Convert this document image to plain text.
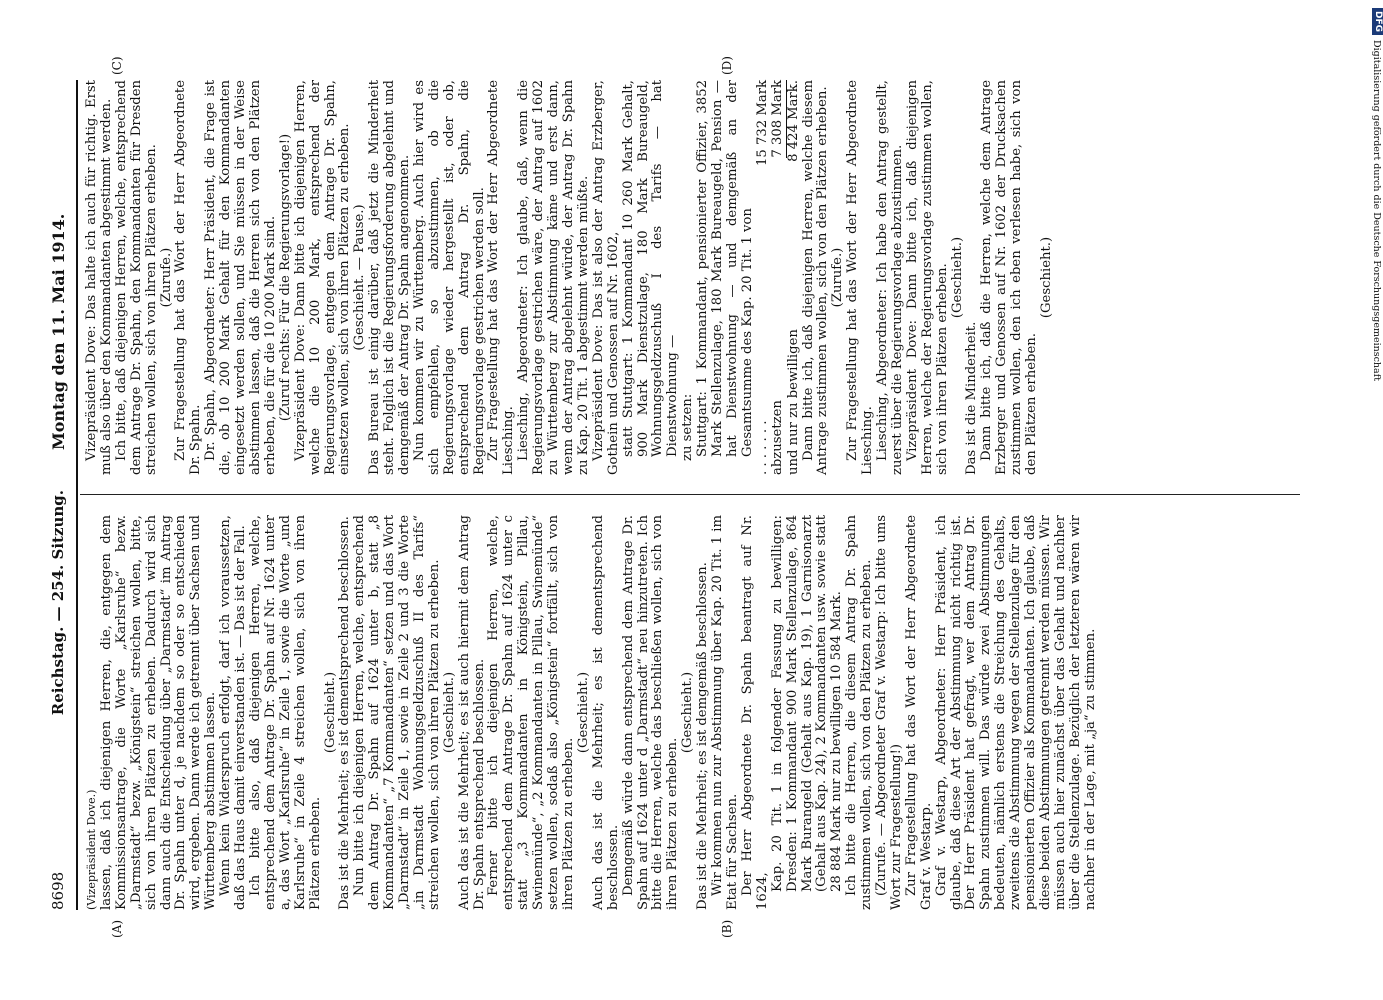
8698
Reichstag. — 254. Sitzung.
Montag den 11. Mai 1914.
(A)	(B)
(C)	(D)

(Vizepräsident Dove.) lassen, daß ich diejenigen Herren, die, entgegen dem Kommissionsantrage, die Worte „Karlsruhe“ bezw. „Darmstadt“ bezw. „Königstein“ streichen wollen, bitte, sich von ihren Plätzen zu erheben. Dadurch wird sich dann auch die Entscheidung über „Darmstadt“ im Antrag Dr. Spahn unter d, je nachdem so oder so entschieden wird, ergeben. Dann werde ich getrennt über Sachsen und Württemberg abstimmen lassen. Wenn kein Widerspruch erfolgt, darf ich voraussetzen, daß das Haus damit einverstanden ist. — Das ist der Fall. Ich bitte also, daß diejenigen Herren, welche, entsprechend dem Antrage Dr. Spahn auf Nr. 1624 unter a, das Wort „Karlsruhe“ in Zeile 1, sowie die Worte „und Karlsruhe“ in Zeile 4 streichen wollen, sich von ihren Plätzen erheben.

(Geschieht.) Das ist die Mehrheit; es ist dementsprechend beschlossen. Nun bitte ich diejenigen Herren, welche, entsprechend dem Antrag Dr. Spahn auf 1624 unter b, statt „8 Kommandanten“ „7 Kommandanten“ setzen und das Wort „Darmstadt“ in Zeile 1, sowie in Zeile 2 und 3 die Worte „in Darmstadt Wohnungsgeldzuschuß II des Tarifs“ streichen wollen, sich von ihren Plätzen zu erheben. (Geschieht.) Auch das ist die Mehrheit; es ist auch hiermit dem Antrag Dr. Spahn entsprechend beschlossen. Ferner bitte ich diejenigen Herren, welche, entsprechend dem Antrage Dr. Spahn auf 1624 unter c statt „3 Kommandanten in Königstein, Pillau, Swinemünde“, „2 Kommandanten in Pillau, Swinemünde“ setzen wollen, sodaß also „Königstein“ fortfällt, sich von ihren Plätzen zu erheben.

(Geschieht.) Auch das ist die Mehrheit; es ist dementsprechend beschlossen. Demgemäß würde dann entsprechend dem Antrage Dr. Spahn auf 1624 unter d „Darmstadt“ neu hinzutreten. Ich bitte die Herren, welche das beschließen wollen, sich von ihren Plätzen zu erheben.

(Geschieht.) Das ist die Mehrheit; es ist demgemäß beschlossen. Wir kommen nun zur Abstimmung über Kap. 20 Tit. 1 im Etat für Sachsen. Der Herr Abgeordnete Dr. Spahn beantragt auf Nr. 1624, Kap. 20 Tit. 1 in folgender Fassung zu bewilligen: Dresden: 1 Kommandant 900 Mark Stellenzulage, 864 Mark Burangeld (Gehalt aus Kap. 19), 1 Garnisonarzt (Gehalt aus Kap. 24), 2 Kommandanten usw. sowie statt 28 884 Mark nur zu bewilligen 10 584 Mark. Ich bitte die Herren, die diesem Antrag Dr. Spahn zustimmen wollen, sich von den Plätzen zu erheben. (Zurufe. — Abgeordneter Graf v. Westarp: Ich bitte ums Wort zur Fragestellung!) Zur Fragestellung hat das Wort der Herr Abgeordnete Graf v. Westarp. Graf v. Westarp, Abgeordneter: Herr Präsident, ich glaube, daß diese Art der Abstimmung nicht richtig ist. Der Herr Präsident hat gefragt, wer dem Antrag Dr. Spahn zustimmen will. Das würde zwei Abstimmungen bedeuten, nämlich erstens die Streichung des Gehalts, zweitens die Abstimmung wegen der Stellenzulage für den pensionierten Offizier als Kommandanten. Ich glaube, daß diese beiden Abstimmungen getrennt werden müssen. Wir müssen auch hier zunächst über das Gehalt und nachher über die Stellenzulage. Bezüglich der letzteren wären wir nachher in der Lage, mit „ja“ zu stimmen.

Vizepräsident Dove: Das halte ich auch für richtig. Erst muß also über den Kommandanten abgestimmt werden. Ich bitte, daß diejenigen Herren, welche, entsprechend dem Antrage Dr. Spahn, den Kommandanten für Dresden streichen wollen, sich von ihren Plätzen erheben. (Zurufe.) Zur Fragestellung hat das Wort der Herr Abgeordnete Dr. Spahn. Dr. Spahn, Abgeordneter: Herr Präsident, die Frage ist die, ob 10 200 Mark Gehalt für den Kommandanten eingesetzt werden sollen, und Sie müssen in der Weise abstimmen lassen, daß die Herren sich von den Plätzen erheben, die für die 10 200 Mark sind. (Zuruf rechts: Für die Regierungsvorlage!) Vizepräsident Dove: Dann bitte ich diejenigen Herren, welche die 10 200 Mark, entsprechend der Regierungsvorlage, entgegen dem Antrage Dr. Spahn, einsetzen wollen, sich von ihren Plätzen zu erheben. (Geschieht. — Pause.) Das Bureau ist einig darüber, daß jetzt die Minderheit steht. Folglich ist die Regierungsforderung abgelehnt und demgemäß der Antrag Dr. Spahn angenommen. Nun kommen wir zu Württemberg. Auch hier wird es sich empfehlen, so abzustimmen, ob die Regierungsvorlage wieder hergestellt ist, oder ob, entsprechend dem Antrag Dr. Spahn, die Regierungsvorlage gestrichen werden soll. Zur Fragestellung hat das Wort der Herr Abgeordnete Liesching. Liesching, Abgeordneter: Ich glaube, daß, wenn die Regierungsvorlage gestrichen wäre, der Antrag auf 1602 zu Württemberg zur Abstimmung käme und erst dann, wenn der Antrag abgelehnt würde, der Antrag Dr. Spahn zu Kap. 20 Tit. 1 abgestimmt werden müßte. Vizepräsident Dove: Das ist also der Antrag Erzberger, Gothein und Genossen auf Nr. 1602, statt Stuttgart: 1 Kommandant 10 260 Mark Gehalt, 900 Mark Dienstzulage, 180 Mark Bureaugeld, Wohnungsgeldzuschuß I des Tarifs — hat Dienstwohnung — zu setzen: Stuttgart: 1 Kommandant, pensionierter Offizier, 3852 Mark Stellenzulage, 180 Mark Bureaugeld, Pension — hat Dienstwohnung — und demgemäß an der Gesamtsumme des Kap. 20 Tit. 1 von . . . . . . .
15 732 Mark
abzusetzen
7 308 Mark
und nur zu bewilligen
8 424 Mark. Dann bitte ich, daß diejenigen Herren, welche diesem Antrage zustimmen wollen, sich von den Plätzen erheben. (Zurufe.) Zur Fragestellung hat das Wort der Herr Abgeordnete Liesching. Liesching, Abgeordneter: Ich habe den Antrag gestellt, zuerst über die Regierungsvorlage abzustimmen. Vizepräsident Dove: Dann bitte ich, daß diejenigen Herren, welche der Regierungsvorlage zustimmen wollen, sich von ihren Plätzen erheben. (Geschieht.)

Das ist die Minderheit. Dann bitte ich, daß die Herren, welche dem Antrage Erzberger und Genossen auf Nr. 1602 der Drucksachen zustimmen wollen, den ich eben verlesen habe, sich von den Plätzen erheben.

(Geschieht.)

DFG
Digitalisierung gefördert durch die Deutsche Forschungsgemeinschaft
